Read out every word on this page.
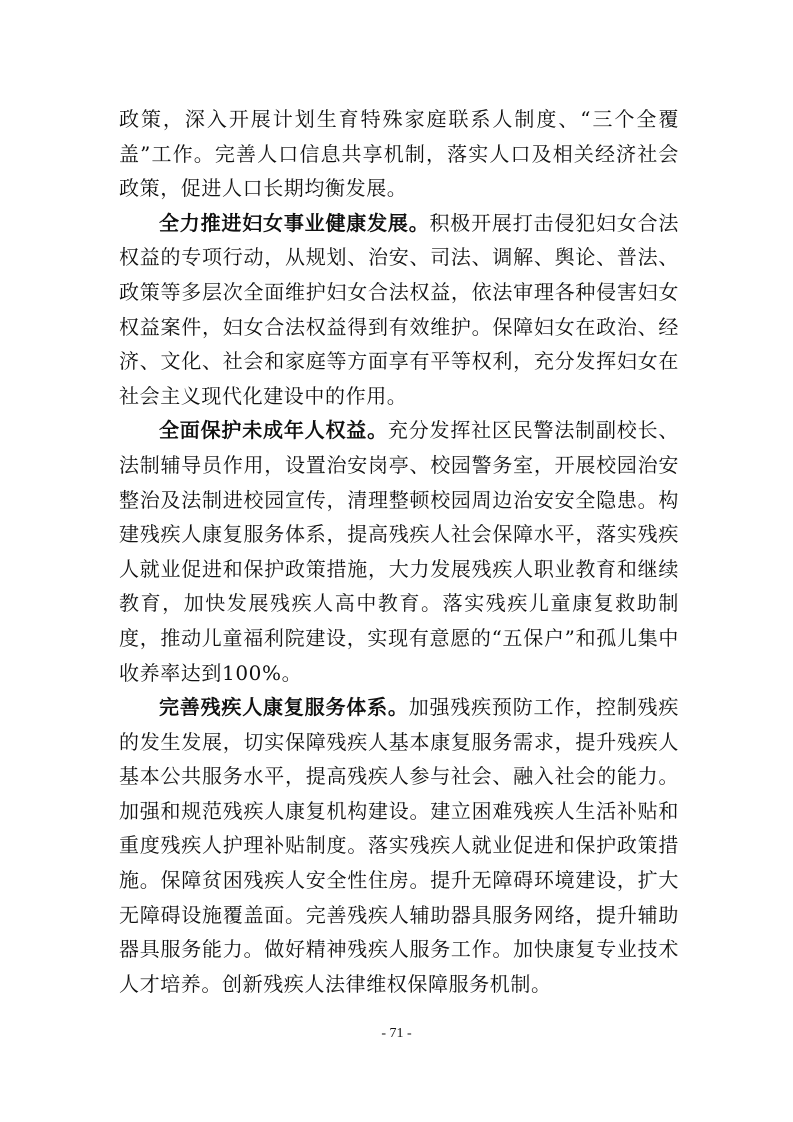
政策，深入开展计划生育特殊家庭联系人制度、“三个全覆盖”工作。完善人口信息共享机制，落实人口及相关经济社会政策，促进人口长期均衡发展。

全力推进妇女事业健康发展。积极开展打击侵犯妇女合法权益的专项行动，从规划、治安、司法、调解、舆论、普法、政策等多层次全面维护妇女合法权益，依法审理各种侵害妇女权益案件，妇女合法权益得到有效维护。保障妇女在政治、经济、文化、社会和家庭等方面享有平等权利，充分发挥妇女在社会主义现代化建设中的作用。

全面保护未成年人权益。充分发挥社区民警法制副校长、法制辅导员作用，设置治安岗亭、校园警务室，开展校园治安整治及法制进校园宣传，清理整顿校园周边治安安全隐患。构建残疾人康复服务体系，提高残疾人社会保障水平，落实残疾人就业促进和保护政策措施，大力发展残疾人职业教育和继续教育，加快发展残疾人高中教育。落实残疾儿童康复救助制度，推动儿童福利院建设，实现有意愿的“五保户”和孤儿集中收养率达到100%。

完善残疾人康复服务体系。加强残疾预防工作，控制残疾的发生发展，切实保障残疾人基本康复服务需求，提升残疾人基本公共服务水平，提高残疾人参与社会、融入社会的能力。加强和规范残疾人康复机构建设。建立困难残疾人生活补贴和重度残疾人护理补贴制度。落实残疾人就业促进和保护政策措施。保障贫困残疾人安全性住房。提升无障碍环境建设，扩大无障碍设施覆盖面。完善残疾人辅助器具服务网络，提升辅助器具服务能力。做好精神残疾人服务工作。加快康复专业技术人才培养。创新残疾人法律维权保障服务机制。

- 71 -
